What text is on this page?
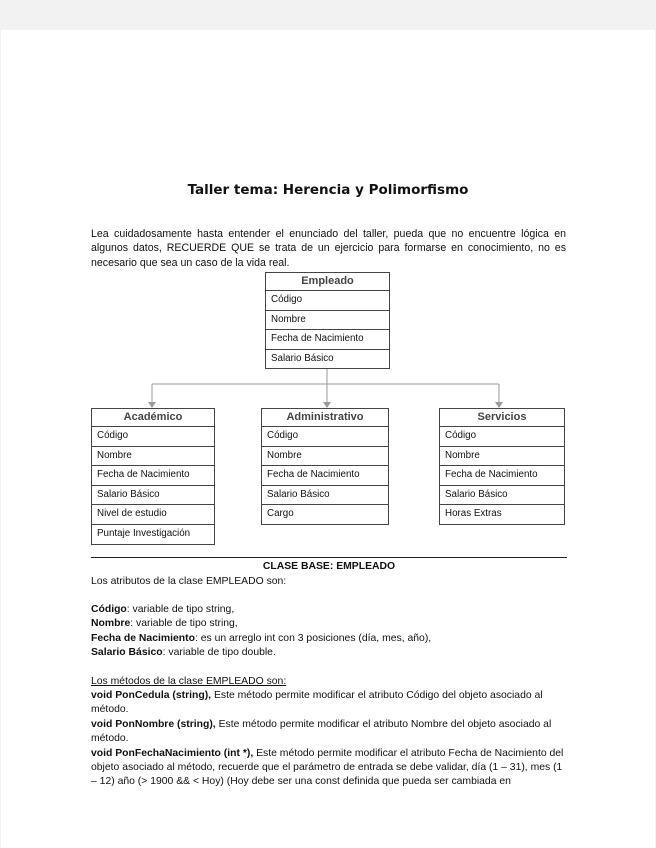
Taller tema: Herencia y Polimorfismo
Lea cuidadosamente hasta entender el enunciado del taller, pueda que no encuentre lógica en algunos datos, RECUERDE QUE se trata de un ejercicio para formarse en conocimiento, no es necesario que sea un caso de la vida real.
Empleado
Código
Nombre
Fecha de Nacimiento
Salario Básico
Académico
Código
Nombre
Fecha de Nacimiento
Salario Básico
Nivel de estudio
Puntaje Investigación
Administrativo
Código
Nombre
Fecha de Nacimiento
Salario Básico
Cargo
Servicios
Código
Nombre
Fecha de Nacimiento
Salario Básico
Horas Extras
CLASE BASE: EMPLEADO
Los atributos de la clase EMPLEADO son:

Código: variable de tipo string,

Nombre: variable de tipo string,

Fecha de Nacimiento: es un arreglo int con 3 posiciones (día, mes, año),

Salario Básico: variable de tipo double.

Los métodos de la clase EMPLEADO son:

void PonCedula (string), Este método permite modificar el atributo Código del objeto asociado al método.

void PonNombre (string), Este método permite modificar el atributo Nombre del objeto asociado al método.

void PonFechaNacimiento (int *), Este método permite modificar el atributo Fecha de Nacimiento del objeto asociado al método, recuerde que el parámetro de entrada se debe validar, día (1 – 31), mes (1 – 12) año (> 1900 && < Hoy) (Hoy debe ser una const definida que pueda ser cambiada en
